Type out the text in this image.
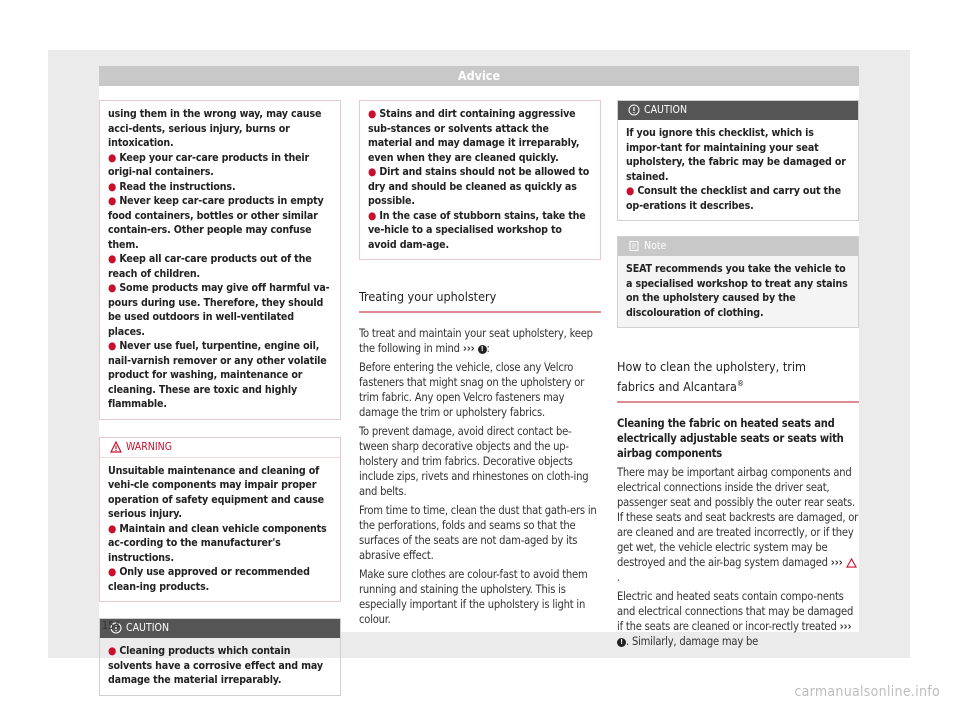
Advice

using them in the wrong way, may cause acci-dents, serious injury, burns or intoxication.

● Keep your car-care products in their origi-nal containers.

● Read the instructions.

● Never keep car-care products in empty food containers, bottles or other similar contain-ers. Other people may confuse them.

● Keep all car-care products out of the reach of children.

● Some products may give off harmful va-pours during use. Therefore, they should be used outdoors in well-ventilated places.

● Never use fuel, turpentine, engine oil, nail-varnish remover or any other volatile product for washing, maintenance or cleaning. These are toxic and highly flammable.

WARNING

Unsuitable maintenance and cleaning of vehi-cle components may impair proper operation of safety equipment and cause serious injury.

● Maintain and clean vehicle components ac-cording to the manufacturer's instructions.

● Only use approved or recommended clean-ing products.

CAUTION

● Cleaning products which contain solvents have a corrosive effect and may damage the material irreparably.

● Stains and dirt containing aggressive sub-stances or solvents attack the material and may damage it irreparably, even when they are cleaned quickly.

● Dirt and stains should not be allowed to dry and should be cleaned as quickly as possible.

● In the case of stubborn stains, take the ve-hicle to a specialised workshop to avoid dam-age.

Treating your upholstery

To treat and maintain your seat upholstery, keep the following in mind ››› ! :

Before entering the vehicle, close any Velcro fasteners that might snag on the upholstery or trim fabric. Any open Velcro fasteners may damage the trim or upholstery fabrics.

To prevent damage, avoid direct contact be-tween sharp decorative objects and the up-holstery and trim fabrics. Decorative objects include zips, rivets and rhinestones on cloth-ing and belts.

From time to time, clean the dust that gath-ers in the perforations, folds and seams so that the surfaces of the seats are not dam-aged by its abrasive effect.

Make sure clothes are colour-fast to avoid them running and staining the upholstery. This is especially important if the upholstery is light in colour.

CAUTION

If you ignore this checklist, which is impor-tant for maintaining your seat upholstery, the fabric may be damaged or stained.

● Consult the checklist and carry out the op-erations it describes.

Note

SEAT recommends you take the vehicle to a specialised workshop to treat any stains on the upholstery caused by the discolouration of clothing.

How to clean the upholstery, trim
fabrics and Alcantara®

Cleaning the fabric on heated seats and electrically adjustable seats or seats with airbag components

There may be important airbag components and electrical connections inside the driver seat, passenger seat and possibly the outer rear seats. If these seats and seat backrests are damaged, or are cleaned and are treated incorrectly, or if they get wet, the vehicle electric system may be destroyed and the air-bag system damaged ››› .

Electric and heated seats contain compo-nents and electrical connections that may be damaged if the seats are cleaned or incor-rectly treated ››› ! . Similarly, damage may be

154
carmanualsonline.info
